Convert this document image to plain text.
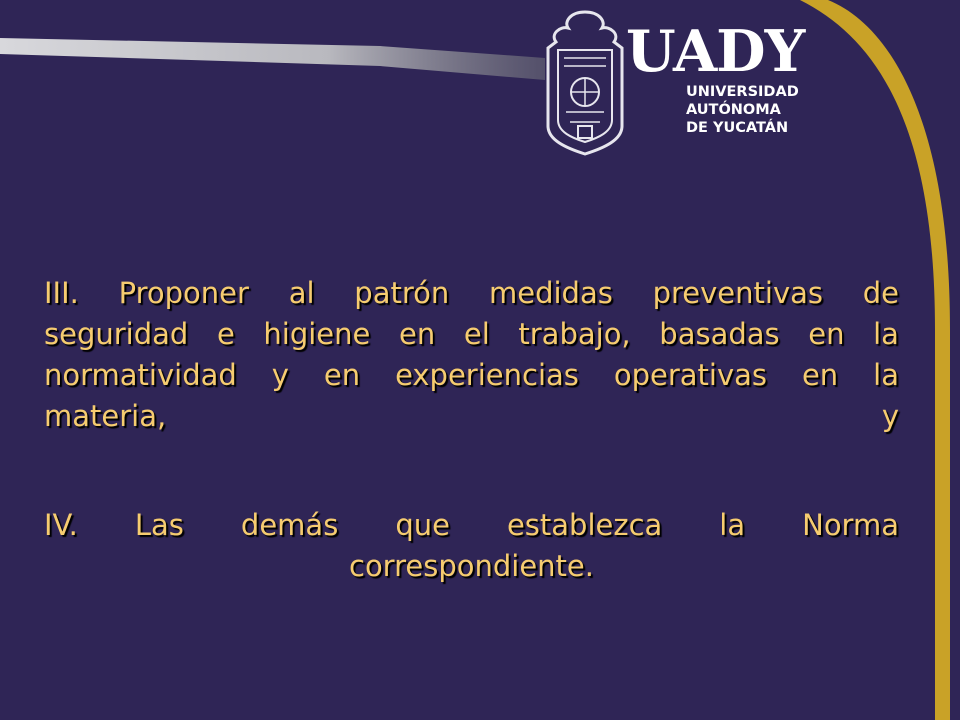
UADY
UNIVERSIDAD
AUTÓNOMA
DE YUCATÁN
III. Proponer al patrón medidas preventivas de
seguridad e higiene en el trabajo, basadas en la
normatividad y en experiencias operativas en la
materia,	y
IV. Las demás que establezca la Norma
correspondiente.
